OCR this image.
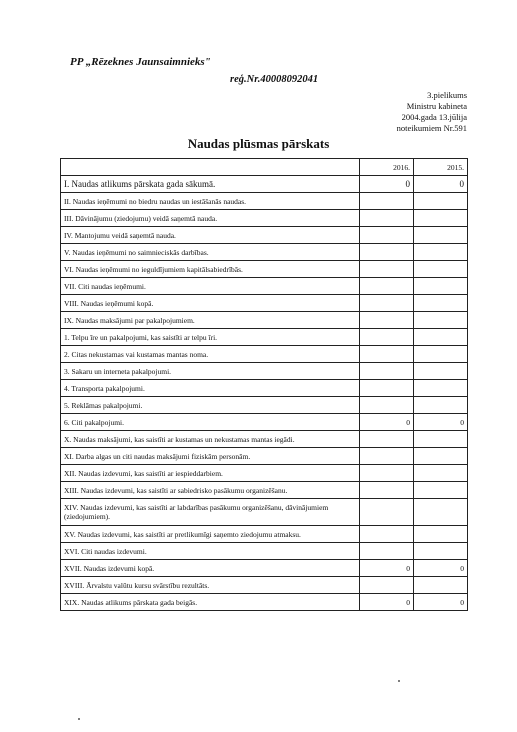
PP „Rēzeknes Jaunsaimnieks"
reģ.Nr.40008092041
3.pielikums
Ministru kabineta
2004.gada 13.jūlija
noteikumiem Nr.591
Naudas plūsmas pārskats
	2016.	2015.
I. Naudas atlikums pārskata gada sākumā.	0	0
II. Naudas ieņēmumi no biedru naudas un iestāšanās naudas.		
III. Dāvinājumu (ziedojumu) veidā saņemtā nauda.		
IV. Mantojumu veidā saņemtā nauda.		
V. Naudas ieņēmumi no saimnieciskās darbības.		
VI. Naudas ieņēmumi no ieguldījumiem kapitālsabiedrībās.		
VII. Citi naudas ieņēmumi.		
VIII. Naudas ieņēmumi kopā.		
IX. Naudas maksājumi par pakalpojumiem.		
1. Telpu īre un pakalpojumi, kas saistīti ar telpu īri.		
2. Citas nekustamas vai kustamas mantas noma.		
3. Sakaru un interneta pakalpojumi.		
4. Transporta pakalpojumi.		
5. Reklāmas pakalpojumi.		
6. Citi pakalpojumi.	0	0
X. Naudas maksājumi, kas saistīti ar kustamas un nekustamas mantas iegādi.		
XI. Darba algas un citi naudas maksājumi fiziskām personām.		
XII. Naudas izdevumi, kas saistīti ar iespieddarbiem.		
XIII. Naudas izdevumi, kas saistīti ar sabiedrisko pasākumu organizēšanu.		
XIV. Naudas izdevumi, kas saistīti ar labdarības pasākumu organizēšanu, dāvinājumiem (ziedojumiem).		
XV. Naudas izdevumi, kas saistīti ar pretlikumīgi saņemto ziedojumu atmaksu.		
XVI. Citi naudas izdevumi.		
XVII. Naudas izdevumi kopā.	0	0
XVIII. Ārvalstu valūtu kursu svārstību rezultāts.		
XIX. Naudas atlikums pārskata gada beigās.	0	0
